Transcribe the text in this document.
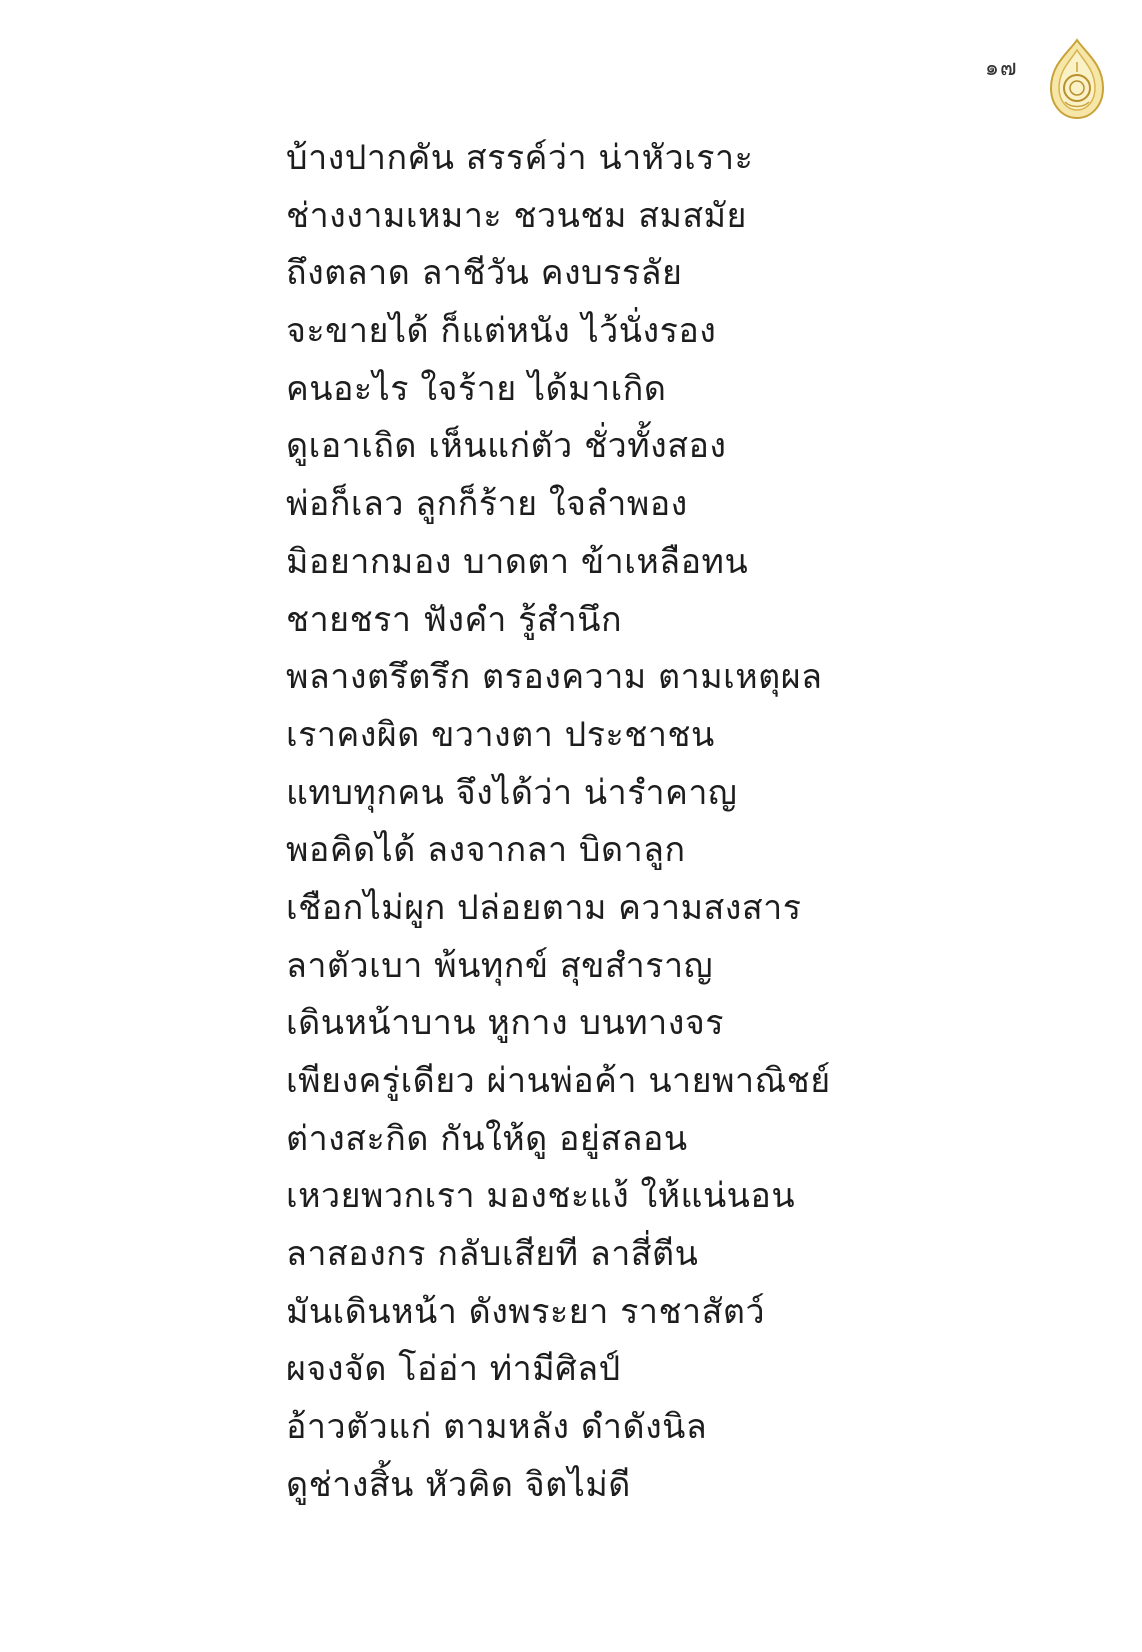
๑๗
บ้างปากคัน สรรค์ว่า น่าหัวเราะ
ช่างงามเหมาะ ชวนชม สมสมัย
ถึงตลาด ลาชีวัน คงบรรลัย
จะขายได้ ก็แต่หนัง ไว้นั่งรอง
คนอะไร ใจร้าย ได้มาเกิด
ดูเอาเถิด เห็นแก่ตัว ชั่วทั้งสอง
พ่อก็เลว ลูกก็ร้าย ใจลำพอง
มิอยากมอง บาดตา ข้าเหลือทน
ชายชรา ฟังคำ รู้สำนึก
พลางตรึตรึก ตรองความ ตามเหตุผล
เราคงผิด ขวางตา ประชาชน
แทบทุกคน จึงได้ว่า น่ารำคาญ
พอคิดได้ ลงจากลา บิดาลูก
เชือกไม่ผูก ปล่อยตาม ความสงสาร
ลาตัวเบา พ้นทุกข์ สุขสำราญ
เดินหน้าบาน หูกาง บนทางจร
เพียงครู่เดียว ผ่านพ่อค้า นายพาณิชย์
ต่างสะกิด กันให้ดู อยู่สลอน
เหวยพวกเรา มองชะแง้ ให้แน่นอน
ลาสองกร กลับเสียที ลาสี่ตีน
มันเดินหน้า ดังพระยา ราชาสัตว์
ผจงจัด โอ่อ่า ท่ามีศิลป์
อ้าวตัวแก่ ตามหลัง ดำดังนิล
ดูช่างสิ้น หัวคิด จิตไม่ดี
